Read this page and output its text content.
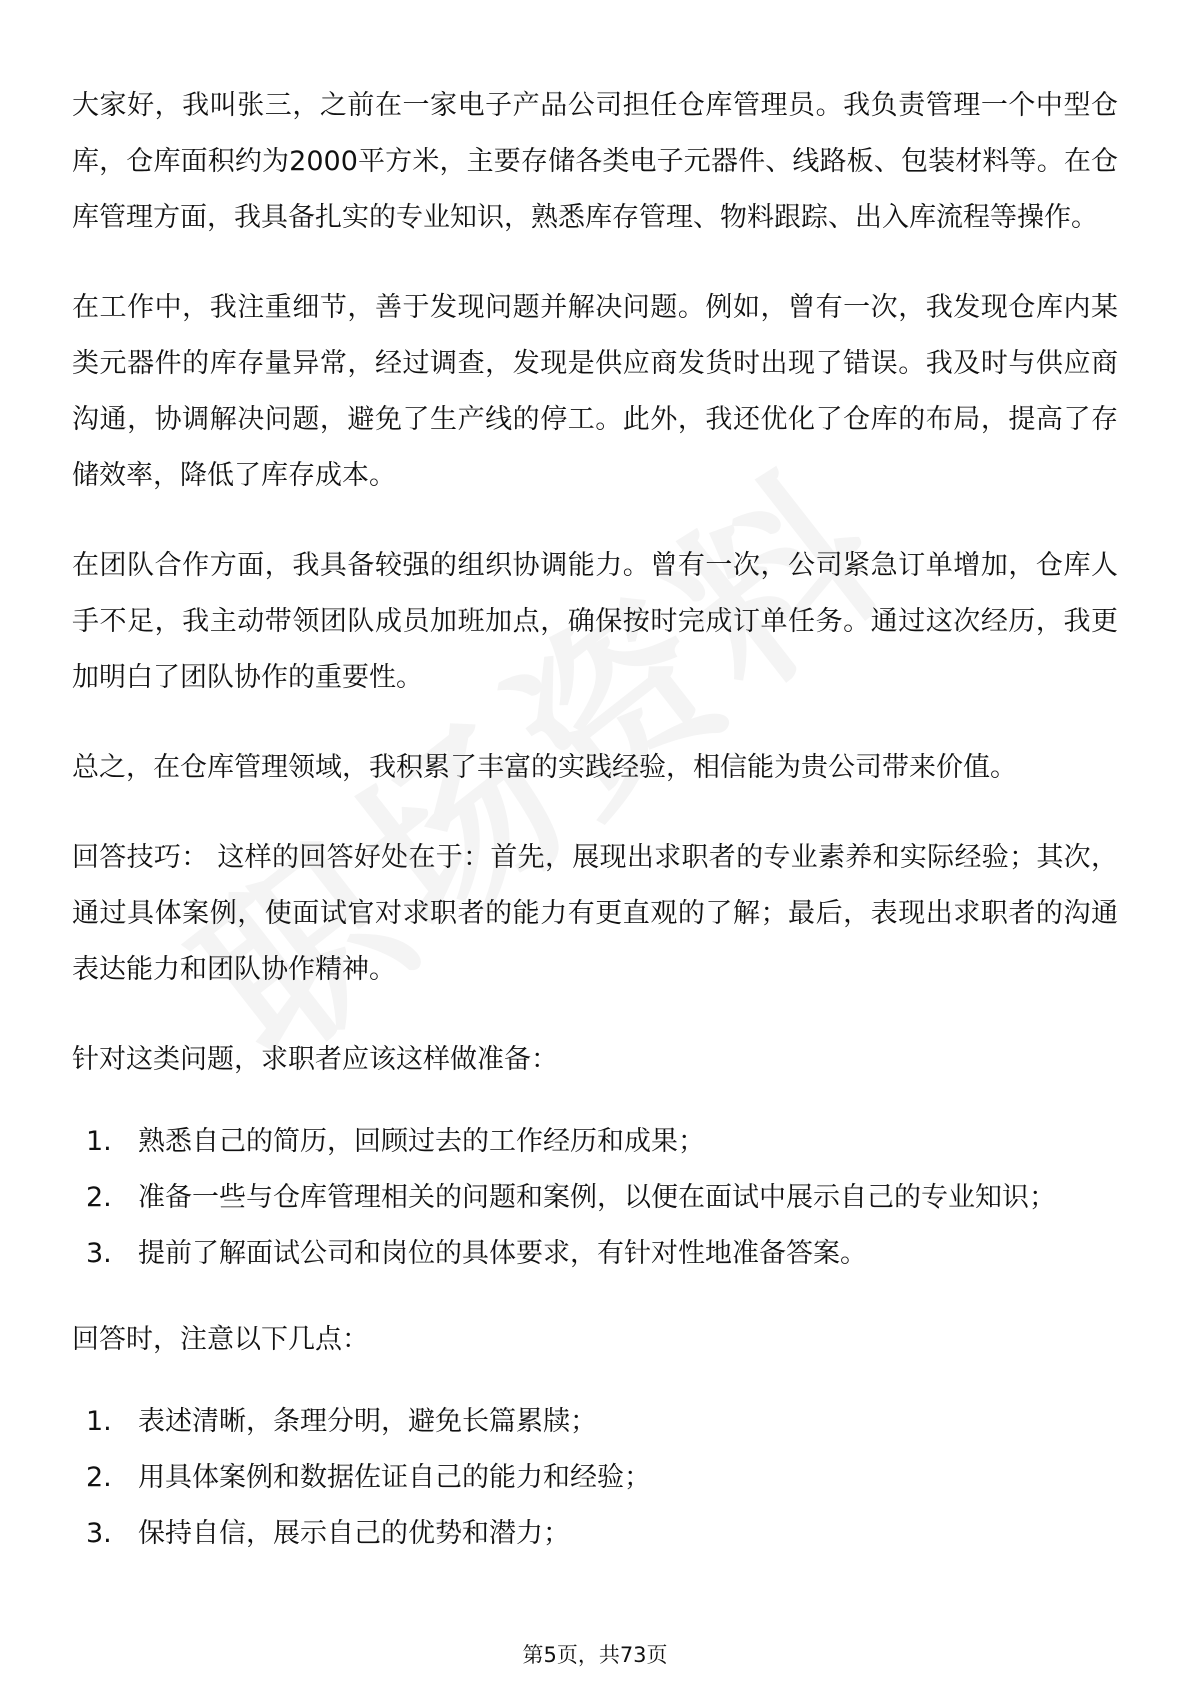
大家好，我叫张三，之前在一家电子产品公司担任仓库管理员。我负责管理一个中型仓库，仓库面积约为2000平方米，主要存储各类电子元器件、线路板、包装材料等。在仓库管理方面，我具备扎实的专业知识，熟悉库存管理、物料跟踪、出入库流程等操作。

在工作中，我注重细节，善于发现问题并解决问题。例如，曾有一次，我发现仓库内某类元器件的库存量异常，经过调查，发现是供应商发货时出现了错误。我及时与供应商沟通，协调解决问题，避免了生产线的停工。此外，我还优化了仓库的布局，提高了存储效率，降低了库存成本。

在团队合作方面，我具备较强的组织协调能力。曾有一次，公司紧急订单增加，仓库人手不足，我主动带领团队成员加班加点，确保按时完成订单任务。通过这次经历，我更加明白了团队协作的重要性。

总之，在仓库管理领域，我积累了丰富的实践经验，相信能为贵公司带来价值。

回答技巧： 这样的回答好处在于：首先，展现出求职者的专业素养和实际经验；其次，通过具体案例，使面试官对求职者的能力有更直观的了解；最后，表现出求职者的沟通表达能力和团队协作精神。

针对这类问题，求职者应该这样做准备：

1. 熟悉自己的简历，回顾过去的工作经历和成果；
2. 准备一些与仓库管理相关的问题和案例，以便在面试中展示自己的专业知识；
3. 提前了解面试公司和岗位的具体要求，有针对性地准备答案。

回答时，注意以下几点：

1. 表述清晰，条理分明，避免长篇累牍；
2. 用具体案例和数据佐证自己的能力和经验；
3. 保持自信，展示自己的优势和潜力；
第5页，共73页
